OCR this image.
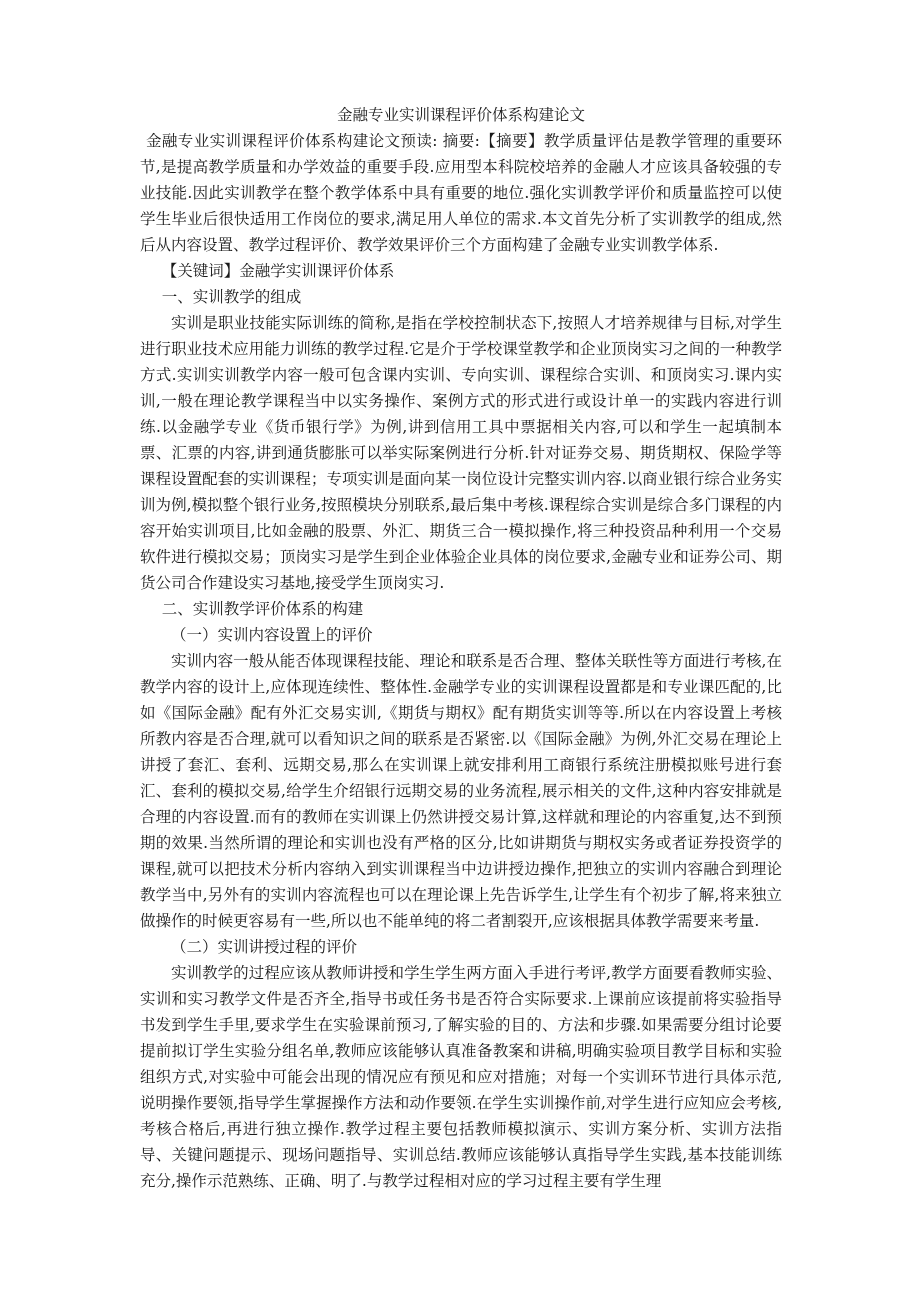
金融专业实训课程评价体系构建论文

金融专业实训课程评价体系构建论文预读: 摘要:【摘要】教学质量评估是教学管理的重要环节,是提高教学质量和办学效益的重要手段.应用型本科院校培养的金融人才应该具备较强的专业技能.因此实训教学在整个教学体系中具有重要的地位.强化实训教学评价和质量监控可以使学生毕业后很快适用工作岗位的要求,满足用人单位的需求.本文首先分析了实训教学的组成,然后从内容设置、教学过程评价、教学效果评价三个方面构建了金融专业实训教学体系.

【关键词】金融学实训课评价体系

一、实训教学的组成

实训是职业技能实际训练的简称,是指在学校控制状态下,按照人才培养规律与目标,对学生进行职业技术应用能力训练的教学过程.它是介于学校课堂教学和企业顶岗实习之间的一种教学方式.实训实训教学内容一般可包含课内实训、专向实训、课程综合实训、和顶岗实习.课内实训,一般在理论教学课程当中以实务操作、案例方式的形式进行或设计单一的实践内容进行训练.以金融学专业《货币银行学》为例,讲到信用工具中票据相关内容,可以和学生一起填制本票、汇票的内容,讲到通货膨胀可以举实际案例进行分析.针对证券交易、期货期权、保险学等课程设置配套的实训课程；专项实训是面向某一岗位设计完整实训内容.以商业银行综合业务实训为例,模拟整个银行业务,按照模块分别联系,最后集中考核.课程综合实训是综合多门课程的内容开始实训项目,比如金融的股票、外汇、期货三合一模拟操作,将三种投资品种利用一个交易软件进行模拟交易；顶岗实习是学生到企业体验企业具体的岗位要求,金融专业和证券公司、期货公司合作建设实习基地,接受学生顶岗实习.

二、实训教学评价体系的构建

（一）实训内容设置上的评价

实训内容一般从能否体现课程技能、理论和联系是否合理、整体关联性等方面进行考核,在教学内容的设计上,应体现连续性、整体性.金融学专业的实训课程设置都是和专业课匹配的,比如《国际金融》配有外汇交易实训,《期货与期权》配有期货实训等等.所以在内容设置上考核所教内容是否合理,就可以看知识之间的联系是否紧密.以《国际金融》为例,外汇交易在理论上讲授了套汇、套利、远期交易,那么在实训课上就安排利用工商银行系统注册模拟账号进行套汇、套利的模拟交易,给学生介绍银行远期交易的业务流程,展示相关的文件,这种内容安排就是合理的内容设置.而有的教师在实训课上仍然讲授交易计算,这样就和理论的内容重复,达不到预期的效果.当然所谓的理论和实训也没有严格的区分,比如讲期货与期权实务或者证券投资学的课程,就可以把技术分析内容纳入到实训课程当中边讲授边操作,把独立的实训内容融合到理论教学当中,另外有的实训内容流程也可以在理论课上先告诉学生,让学生有个初步了解,将来独立做操作的时候更容易有一些,所以也不能单纯的将二者割裂开,应该根据具体教学需要来考量.

（二）实训讲授过程的评价

实训教学的过程应该从教师讲授和学生学生两方面入手进行考评,教学方面要看教师实验、实训和实习教学文件是否齐全,指导书或任务书是否符合实际要求.上课前应该提前将实验指导书发到学生手里,要求学生在实验课前预习,了解实验的目的、方法和步骤.如果需要分组讨论要提前拟订学生实验分组名单,教师应该能够认真准备教案和讲稿,明确实验项目教学目标和实验组织方式,对实验中可能会出现的情况应有预见和应对措施；对每一个实训环节进行具体示范,说明操作要领,指导学生掌握操作方法和动作要领.在学生实训操作前,对学生进行应知应会考核,考核合格后,再进行独立操作.教学过程主要包括教师模拟演示、实训方案分析、实训方法指导、关键问题提示、现场问题指导、实训总结.教师应该能够认真指导学生实践,基本技能训练充分,操作示范熟练、正确、明了.与教学过程相对应的学习过程主要有学生理
